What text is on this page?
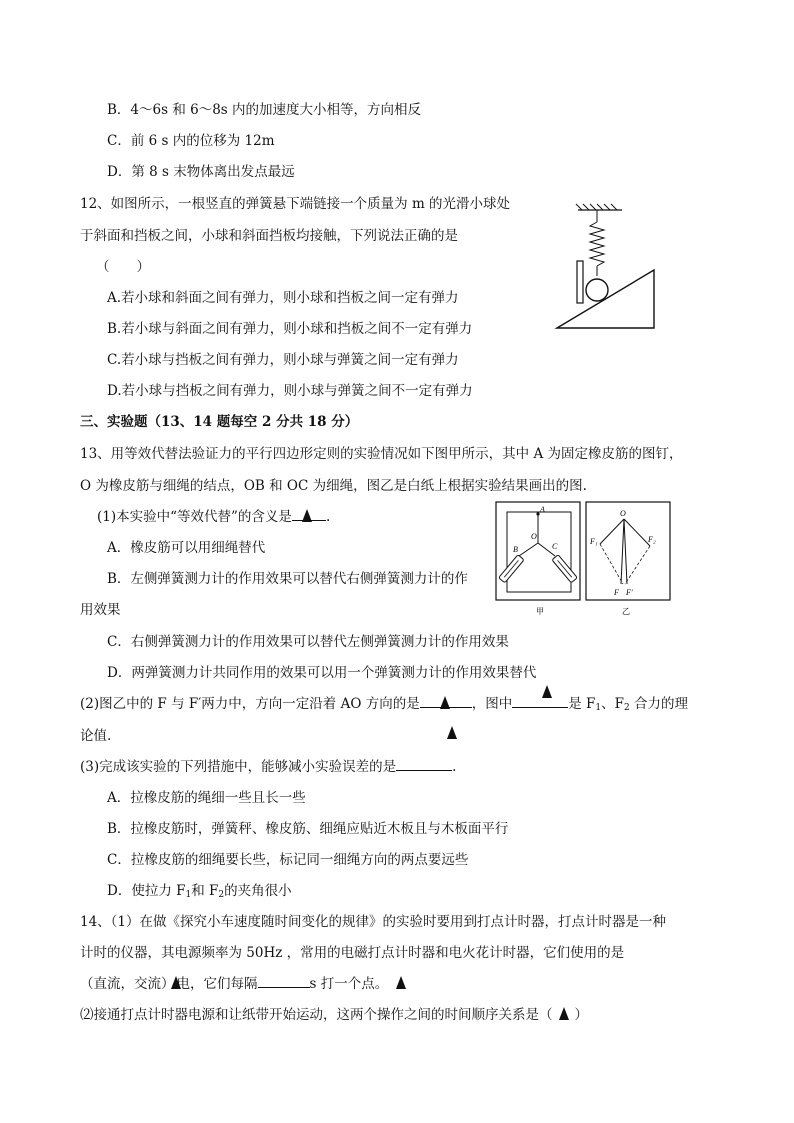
B．4～6s 和 6～8s 内的加速度大小相等，方向相反
C．前 6 s 内的位移为 12m
D．第 8 s 末物体离出发点最远
12、如图所示，一根竖直的弹簧悬下端链接一个质量为 m 的光滑小球处
于斜面和挡板之间，小球和斜面挡板均接触，下列说法正确的是
（　　）
A.若小球和斜面之间有弹力，则小球和挡板之间一定有弹力
B.若小球与斜面之间有弹力，则小球和挡板之间不一定有弹力
C.若小球与挡板之间有弹力，则小球与弹簧之间一定有弹力
D.若小球与挡板之间有弹力，则小球与弹簧之间不一定有弹力
三、实验题（13、14 题每空 2 分共 18 分）
13、用等效代替法验证力的平行四边形定则的实验情况如下图甲所示，其中 A 为固定橡皮筋的图钉，
O 为橡皮筋与细绳的结点，OB 和 OC 为细绳，图乙是白纸上根据实验结果画出的图.
(1)本实验中“等效代替”的含义是	.
A．橡皮筋可以用细绳替代
B．左侧弹簧测力计的作用效果可以替代右侧弹簧测力计的作
用效果
C．右侧弹簧测力计的作用效果可以替代左侧弹簧测力计的作用效果
D．两弹簧测力计共同作用的效果可以用一个弹簧测力计的作用效果替代
A
O
B	C
甲
O
F₁	F₂
F F′
乙
(2)图乙中的 F 与 F′两力中，方向一定沿着 AO 方向的是	，图中	是 $F_1$、$F_2$ 合力的理
论值.
(3)完成该实验的下列措施中，能够减小实验误差的是	.
A．拉橡皮筋的绳细一些且长一些
B．拉橡皮筋时，弹簧秤、橡皮筋、细绳应贴近木板且与木板面平行
C．拉橡皮筋的细绳要长些，标记同一细绳方向的两点要远些
D．使拉力 $F_1$和 $F_2$的夹角很小
14、（1）在做《探究小车速度随时间变化的规律》的实验时要用到打点计时器，打点计时器是一种
计时的仪器，其电源频率为 50Hz ，常用的电磁打点计时器和电火花计时器，它们使用的是
（直流，交流） 电，它们每隔	s 打一个点。
⑵接通打点计时器电源和让纸带开始运动，这两个操作之间的时间顺序关系是（ ）
